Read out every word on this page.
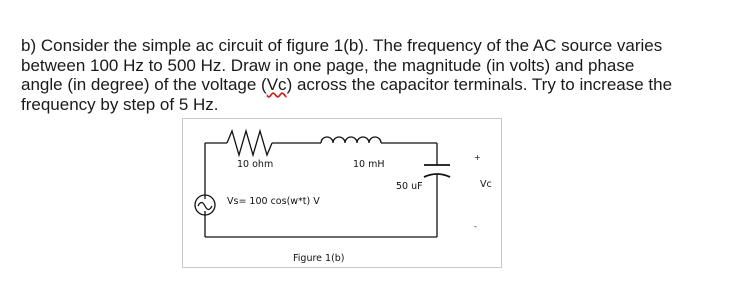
b) Consider the simple ac circuit of figure 1(b). The frequency of the AC source varies
between 100 Hz to 500 Hz. Draw in one page, the magnitude (in volts) and phase
angle (in degree) of the voltage (Vc) across the capacitor terminals. Try to increase the
frequency by step of 5 Hz.
10 ohm	10 mH
50 uF	Vc
+
-
Vs= 100 cos(w*t) V
Figure 1(b)
